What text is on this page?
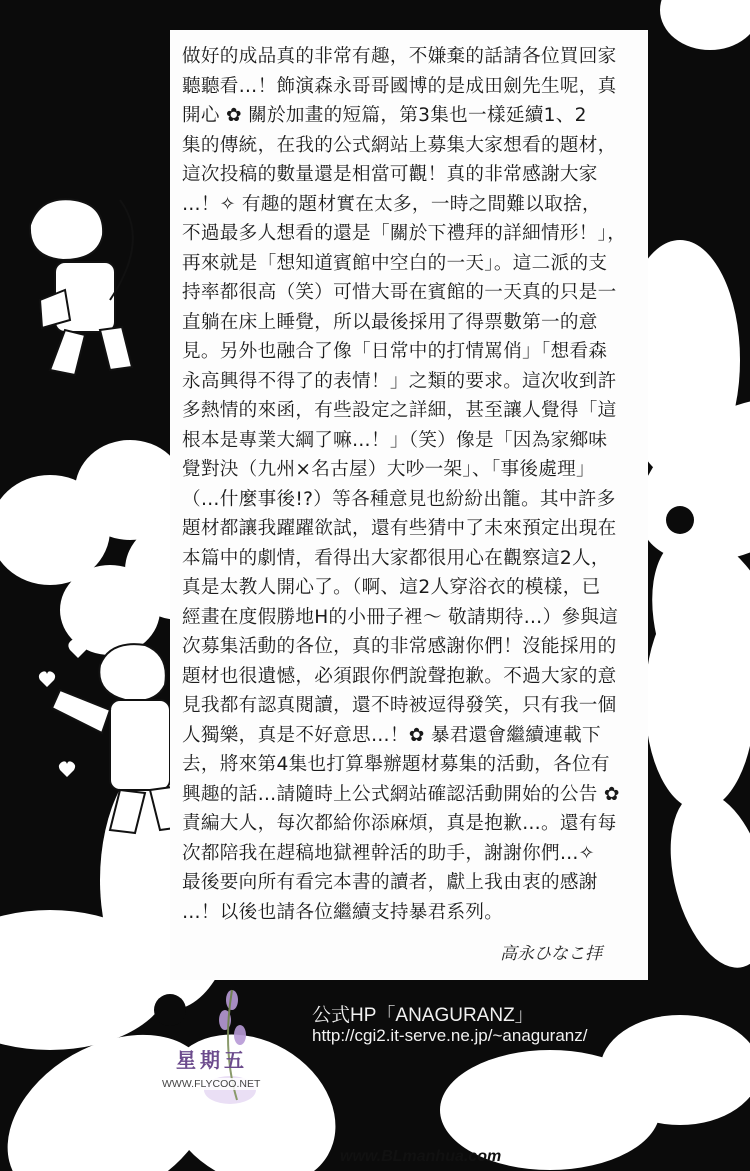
做好的成品真的非常有趣，不嫌棄的話請各位買回家
聽聽看…！飾演森永哥哥國博的是成田劍先生呢，真
開心 ✿ 關於加畫的短篇，第3集也一樣延續1、2
集的傳統，在我的公式網站上募集大家想看的題材，
這次投稿的數量還是相當可觀！真的非常感謝大家
…！✧ 有趣的題材實在太多，一時之間難以取捨，
不過最多人想看的還是「關於下禮拜的詳細情形！」，
再來就是「想知道賓館中空白的一天」。這二派的支
持率都很高（笑）可惜大哥在賓館的一天真的只是一
直躺在床上睡覺，所以最後採用了得票數第一的意
見。另外也融合了像「日常中的打情罵俏」「想看森
永高興得不得了的表情！」之類的要求。這次收到許
多熱情的來函，有些設定之詳細，甚至讓人覺得「這
根本是專業大綱了嘛…！」（笑）像是「因為家鄉味
覺對決（九州×名古屋）大吵一架」、「事後處理」
（…什麼事後!?）等各種意見也紛紛出籠。其中許多
題材都讓我躍躍欲試，還有些猜中了未來預定出現在
本篇中的劇情，看得出大家都很用心在觀察這2人，
真是太教人開心了。（啊、這2人穿浴衣的模樣，已
經畫在度假勝地H的小冊子裡～ 敬請期待…）參與這
次募集活動的各位，真的非常感謝你們！沒能採用的
題材也很遺憾，必須跟你們說聲抱歉。不過大家的意
見我都有認真閱讀，還不時被逗得發笑，只有我一個
人獨樂，真是不好意思…！✿ 暴君還會繼續連載下
去，將來第4集也打算舉辦題材募集的活動，各位有
興趣的話…請隨時上公式網站確認活動開始的公告 ✿
責編大人，每次都給你添麻煩，真是抱歉…。還有每
次都陪我在趕稿地獄裡幹活的助手，謝謝你們…✧
最後要向所有看完本書的讀者，獻上我由衷的感謝
…！以後也請各位繼續支持暴君系列。
高永ひなこ拝
公式HP「ANAGURANZ」
http://cgi2.it-serve.ne.jp/~anaguranz/
星期五
WWW.FLYCOO.NET
www.BLmanhua.com
